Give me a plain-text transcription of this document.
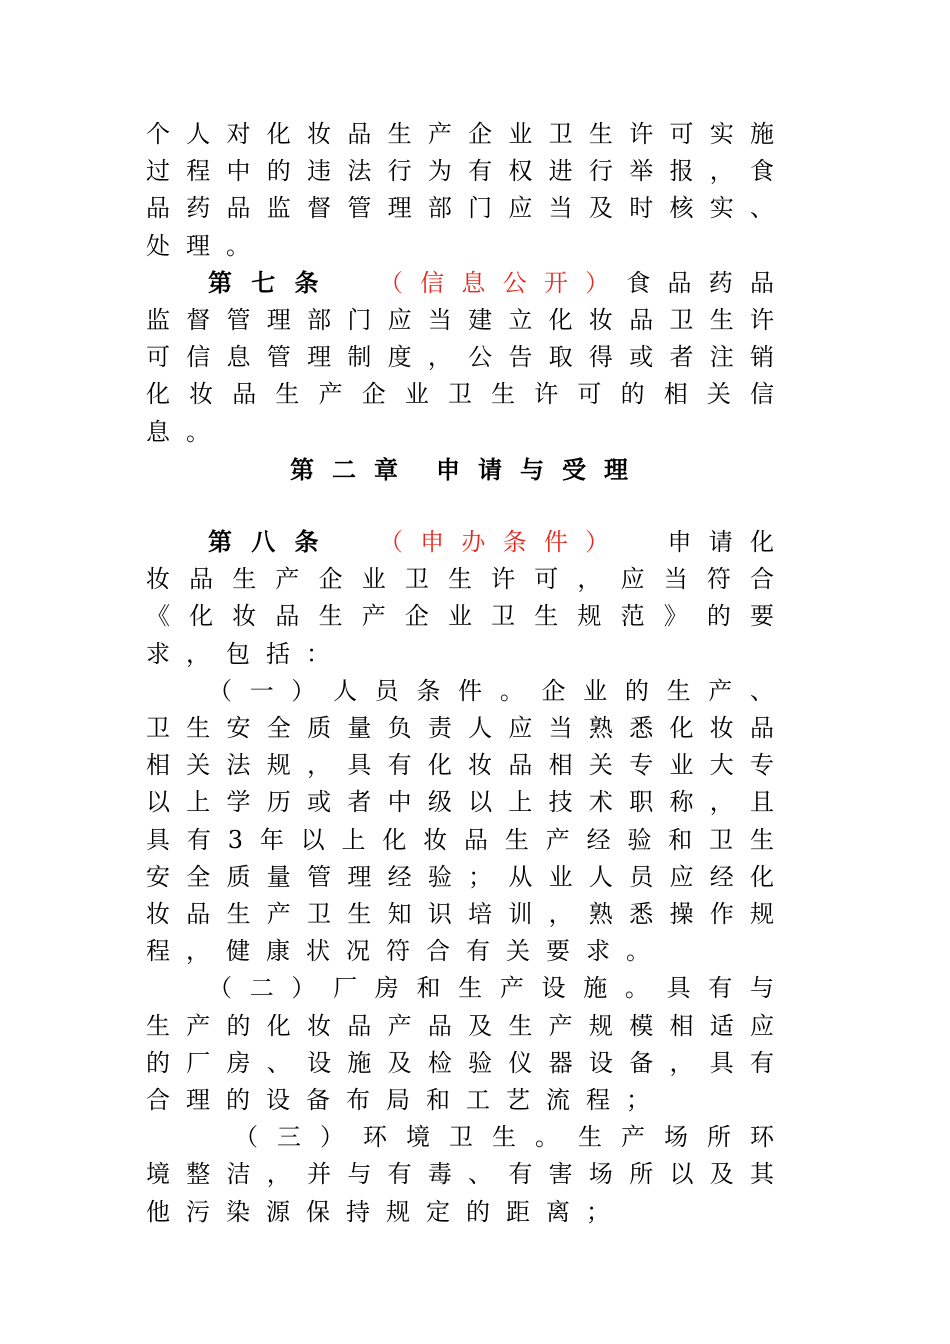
个人对化妆品生产企业卫生许可实施过程中的违法行为有权进行举报，食品药品监督管理部门应当及时核实、处理。

第七条 （信息公开）食品药品监督管理部门应当建立化妆品卫生许可信息管理制度，公告取得或者注销化妆品生产企业卫生许可的相关信息。

第二章 申请与受理

第八条 （申办条件） 申请化妆品生产企业卫生许可，应当符合《化妆品生产企业卫生规范》的要求，包括：

（一）人员条件。企业的生产、卫生安全质量负责人应当熟悉化妆品相关法规，具有化妆品相关专业大专以上学历或者中级以上技术职称，且具有3年以上化妆品生产经验和卫生安全质量管理经验；从业人员应经化妆品生产卫生知识培训，熟悉操作规程，健康状况符合有关要求。

（二）厂房和生产设施。具有与生产的化妆品产品及生产规模相适应的厂房、设施及检验仪器设备，具有合理的设备布局和工艺流程；

（三）环境卫生。生产场所环境整洁，并与有毒、有害场所以及其他污染源保持规定的距离；
